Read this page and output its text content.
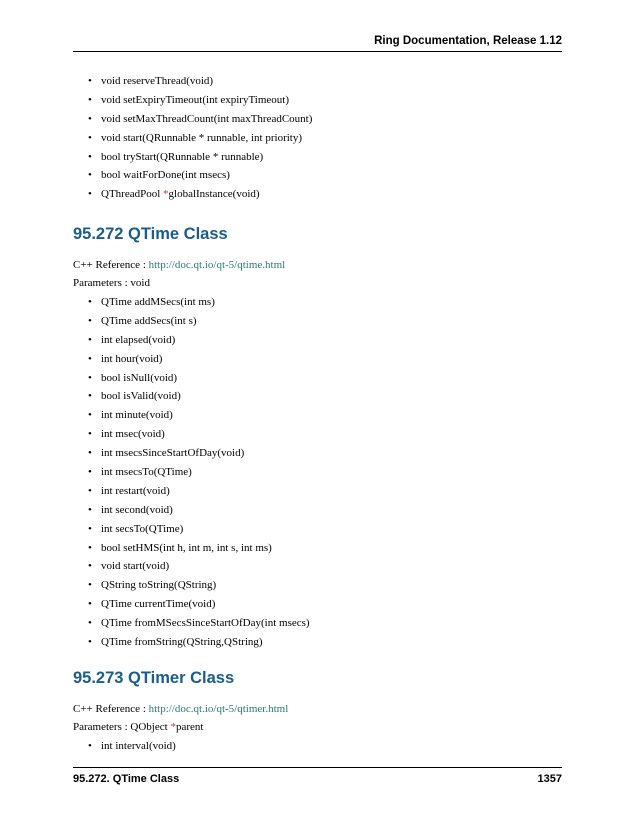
Ring Documentation, Release 1.12
• void reserveThread(void)
• void setExpiryTimeout(int expiryTimeout)
• void setMaxThreadCount(int maxThreadCount)
• void start(QRunnable * runnable, int priority)
• bool tryStart(QRunnable * runnable)
• bool waitForDone(int msecs)
• QThreadPool *globalInstance(void)
95.272 QTime Class

C++ Reference : http://doc.qt.io/qt-5/qtime.html

Parameters : void

• QTime addMSecs(int ms)
• QTime addSecs(int s)
• int elapsed(void)
• int hour(void)
• bool isNull(void)
• bool isValid(void)
• int minute(void)
• int msec(void)
• int msecsSinceStartOfDay(void)
• int msecsTo(QTime)
• int restart(void)
• int second(void)
• int secsTo(QTime)
• bool setHMS(int h, int m, int s, int ms)
• void start(void)
• QString toString(QString)
• QTime currentTime(void)
• QTime fromMSecsSinceStartOfDay(int msecs)
• QTime fromString(QString,QString)
95.273 QTimer Class

C++ Reference : http://doc.qt.io/qt-5/qtimer.html

Parameters : QObject *parent

• int interval(void)
95.272. QTime Class	1357
